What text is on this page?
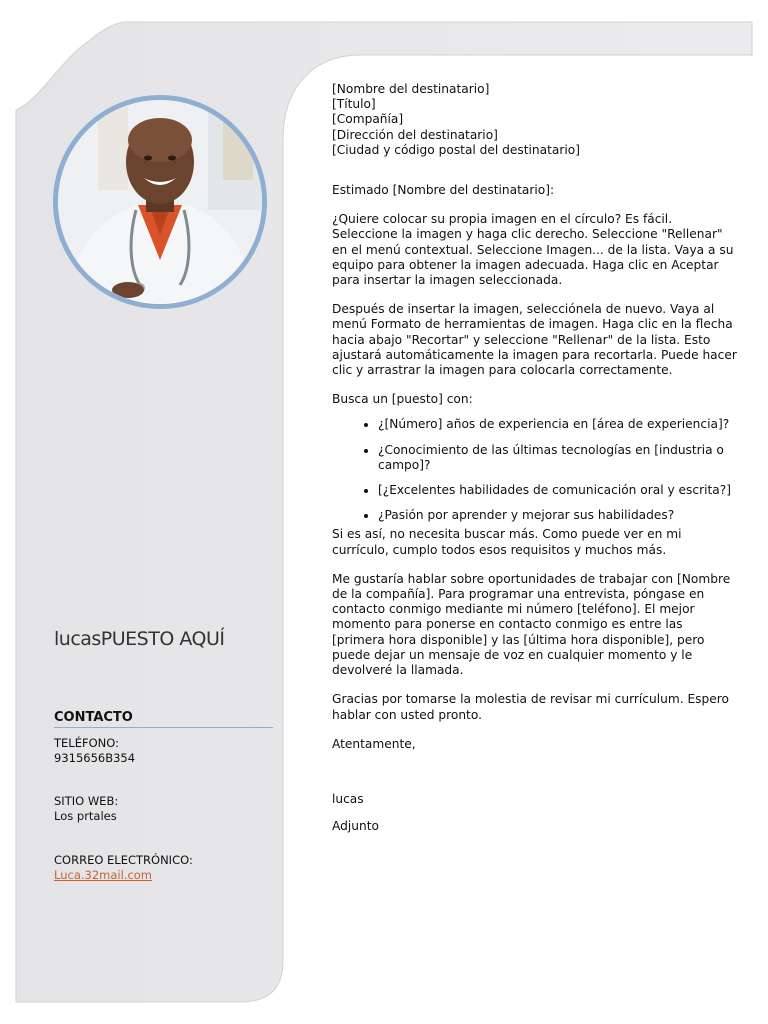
lucasPUESTO AQUÍ
CONTACTO
TELÉFONO:
9315656B354
SITIO WEB:
Los prtales
CORREO ELECTRÓNICO:
Luca.32mail.com

[Nombre del destinatario]
[Título]
[Compañía]
[Dirección del destinatario]
[Ciudad y código postal del destinatario]

Estimado [Nombre del destinatario]:

¿Quiere colocar su propia imagen en el círculo? Es fácil. Seleccione la imagen y haga clic derecho. Seleccione "Rellenar" en el menú contextual. Seleccione Imagen... de la lista. Vaya a su equipo para obtener la imagen adecuada. Haga clic en Aceptar para insertar la imagen seleccionada.

Después de insertar la imagen, selecciónela de nuevo. Vaya al menú Formato de herramientas de imagen. Haga clic en la flecha hacia abajo "Recortar" y seleccione "Rellenar" de la lista. Esto ajustará automáticamente la imagen para recortarla. Puede hacer clic y arrastrar la imagen para colocarla correctamente.

Busca un [puesto] con:

• ¿[Número] años de experiencia en [área de experiencia]?
• ¿Conocimiento de las últimas tecnologías en [industria o campo]?
• [¿Excelentes habilidades de comunicación oral y escrita?]
• ¿Pasión por aprender y mejorar sus habilidades?

Si es así, no necesita buscar más. Como puede ver en mi currículo, cumplo todos esos requisitos y muchos más.

Me gustaría hablar sobre oportunidades de trabajar con [Nombre de la compañía]. Para programar una entrevista, póngase en contacto conmigo mediante mi número [teléfono]. El mejor momento para ponerse en contacto conmigo es entre las [primera hora disponible] y las [última hora disponible], pero puede dejar un mensaje de voz en cualquier momento y le devolveré la llamada.

Gracias por tomarse la molestia de revisar mi currículum. Espero hablar con usted pronto.

Atentamente,

lucas

Adjunto
